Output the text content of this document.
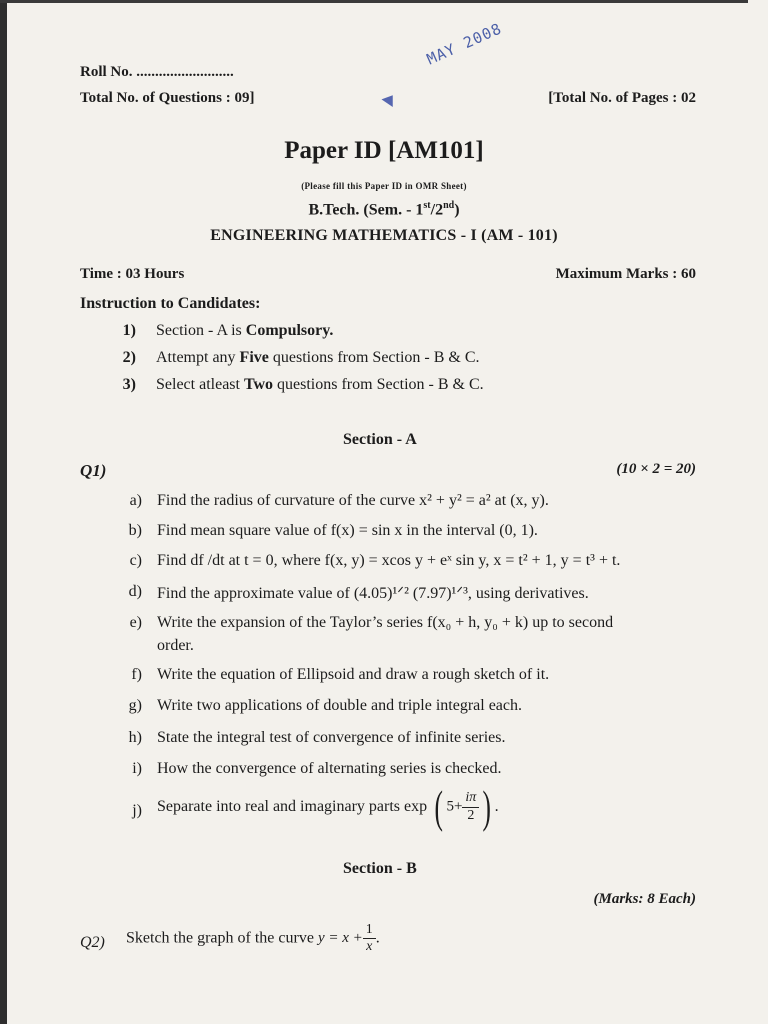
Roll No. ..........................
Total No. of Questions : 09]	[Total No. of Pages : 02
MAY 2008
Paper ID [AM101]
(Please fill this Paper ID in OMR Sheet)
B.Tech. (Sem. - 1st/2nd)
ENGINEERING MATHEMATICS - I (AM - 101)
Time : 03 Hours	Maximum Marks : 60
Instruction to Candidates:
1) Section - A is Compulsory.
2) Attempt any Five questions from Section - B & C.
3) Select atleast Two questions from Section - B & C.
Section - A
Q1)	(10 × 2 = 20)
a) Find the radius of curvature of the curve x² + y² = a² at (x, y).
b) Find mean square value of f(x) = sin x in the interval (0, 1).
c) Find df /dt at t = 0, where f(x, y) = xcos y + eˣ sin y, x = t² + 1, y = t³ + t.
d) Find the approximate value of (4.05)¹ᐟ² (7.97)¹ᐟ³, using derivatives.
e) Write the expansion of the Taylor’s series f(x₀ + h, y₀ + k) up to second
order.
f) Write the equation of Ellipsoid and draw a rough sketch of it.
g) Write two applications of double and triple integral each.
h) State the integral test of convergence of infinite series.
i) How the convergence of alternating series is checked.
j) Separate into real and imaginary parts exp ( $5+ \frac{i\pi}{2}$ ) .
Section - B
(Marks: 8 Each)
Q2) Sketch the graph of the curve $y = x + \frac{1}{x}$ .
